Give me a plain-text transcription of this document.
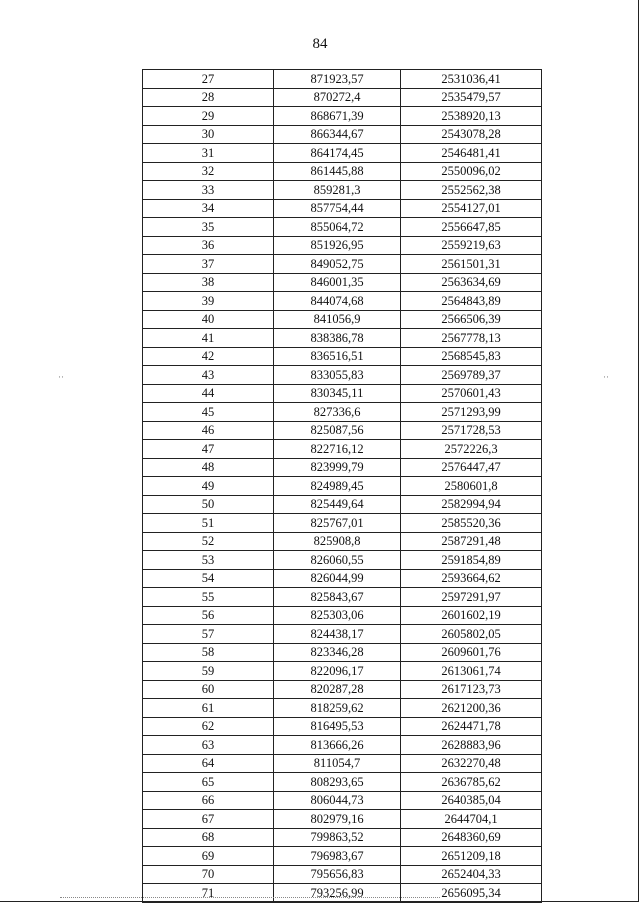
84
27	871923,57	2531036,41
28	870272,4	2535479,57
29	868671,39	2538920,13
30	866344,67	2543078,28
31	864174,45	2546481,41
32	861445,88	2550096,02
33	859281,3	2552562,38
34	857754,44	2554127,01
35	855064,72	2556647,85
36	851926,95	2559219,63
37	849052,75	2561501,31
38	846001,35	2563634,69
39	844074,68	2564843,89
40	841056,9	2566506,39
41	838386,78	2567778,13
42	836516,51	2568545,83
43	833055,83	2569789,37
44	830345,11	2570601,43
45	827336,6	2571293,99
46	825087,56	2571728,53
47	822716,12	2572226,3
48	823999,79	2576447,47
49	824989,45	2580601,8
50	825449,64	2582994,94
51	825767,01	2585520,36
52	825908,8	2587291,48
53	826060,55	2591854,89
54	826044,99	2593664,62
55	825843,67	2597291,97
56	825303,06	2601602,19
57	824438,17	2605802,05
58	823346,28	2609601,76
59	822096,17	2613061,74
60	820287,28	2617123,73
61	818259,62	2621200,36
62	816495,53	2624471,78
63	813666,26	2628883,96
64	811054,7	2632270,48
65	808293,65	2636785,62
66	806044,73	2640385,04
67	802979,16	2644704,1
68	799863,52	2648360,69
69	796983,67	2651209,18
70	795656,83	2652404,33
71	793256,99	2656095,34
··	··
